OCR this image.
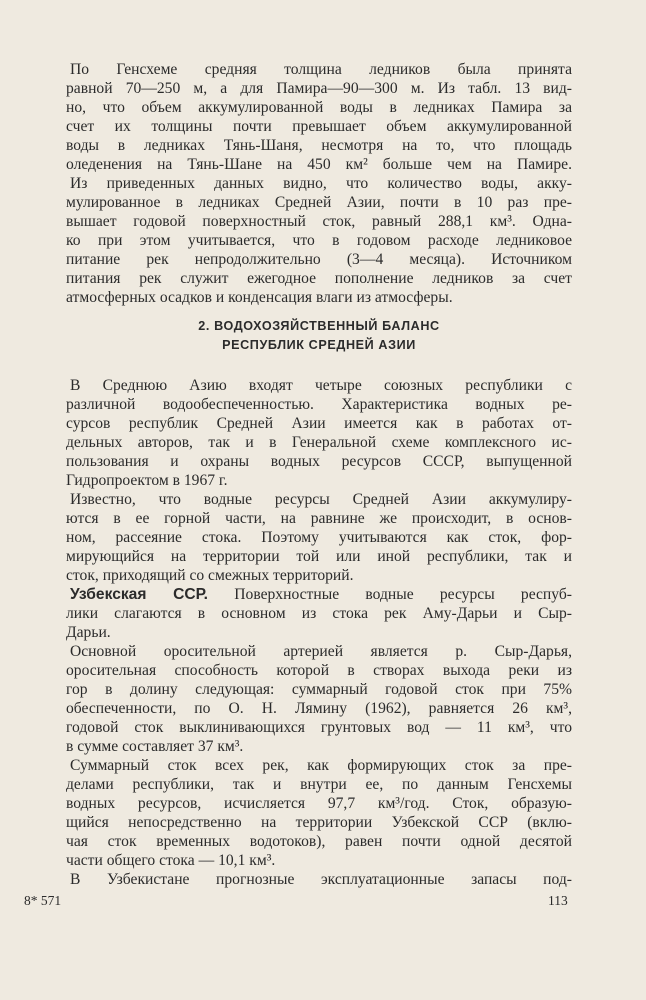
По Генсхеме средняя толщина ледников была принята
равной 70—250 м, а для Памира—90—300 м. Из табл. 13 вид-
но, что объем аккумулированной воды в ледниках Памира за
счет их толщины почти превышает объем аккумулированной
воды в ледниках Тянь-Шаня, несмотря на то, что площадь
оледенения на Тянь-Шане на 450 км² больше чем на Памире.
Из приведенных данных видно, что количество воды, акку-
мулированное в ледниках Средней Азии, почти в 10 раз пре-
вышает годовой поверхностный сток, равный 288,1 км³. Одна-
ко при этом учитывается, что в годовом расходе ледниковое
питание рек непродолжительно (3—4 месяца). Источником
питания рек служит ежегодное пополнение ледников за счет
атмосферных осадков и конденсация влаги из атмосферы.
2. ВОДОХОЗЯЙСТВЕННЫЙ БАЛАНС
РЕСПУБЛИК СРЕДНЕЙ АЗИИ
В Среднюю Азию входят четыре союзных республики с
различной водообеспеченностью. Характеристика водных ре-
сурсов республик Средней Азии имеется как в работах от-
дельных авторов, так и в Генеральной схеме комплексного ис-
пользования и охраны водных ресурсов СССР, выпущенной
Гидропроектом в 1967 г.
Известно, что водные ресурсы Средней Азии аккумулиру-
ются в ее горной части, на равнине же происходит, в основ-
ном, рассеяние стока. Поэтому учитываются как сток, фор-
мирующийся на территории той или иной республики, так и
сток, приходящий со смежных территорий.
Узбекская ССР. Поверхностные водные ресурсы респуб-
лики слагаются в основном из стока рек Аму-Дарьи и Сыр-
Дарьи.
Основной оросительной артерией является р. Сыр-Дарья,
оросительная способность которой в створах выхода реки из
гор в долину следующая: суммарный годовой сток при 75%
обеспеченности, по О. Н. Лямину (1962), равняется 26 км³,
годовой сток выклинивающихся грунтовых вод — 11 км³, что
в сумме составляет 37 км³.
Суммарный сток всех рек, как формирующих сток за пре-
делами республики, так и внутри ее, по данным Генсхемы
водных ресурсов, исчисляется 97,7 км³/год. Сток, образую-
щийся непосредственно на территории Узбекской ССР (вклю-
чая сток временных водотоков), равен почти одной десятой
части общего стока — 10,1 км³.
В Узбекистане прогнозные эксплуатационные запасы под-
8* 571	113
